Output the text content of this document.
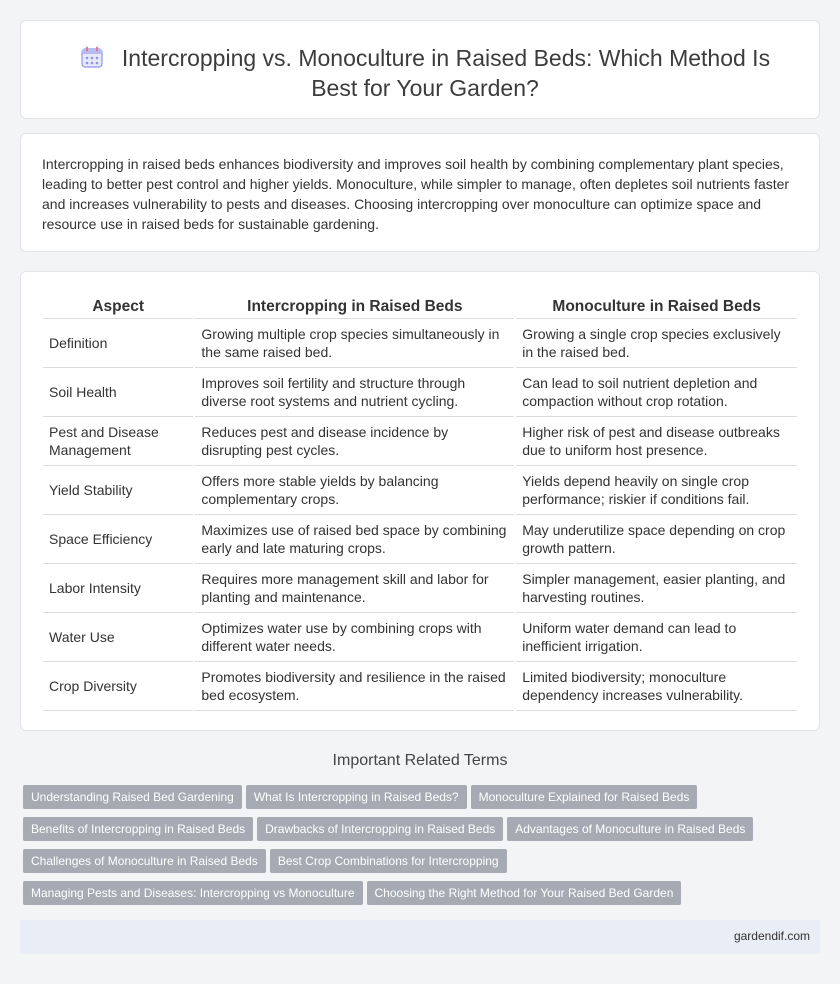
Intercropping vs. Monoculture in Raised Beds: Which Method Is Best for Your Garden?

Intercropping in raised beds enhances biodiversity and improves soil health by combining complementary plant species, leading to better pest control and higher yields. Monoculture, while simpler to manage, often depletes soil nutrients faster and increases vulnerability to pests and diseases. Choosing intercropping over monoculture can optimize space and resource use in raised beds for sustainable gardening.

Aspect	Intercropping in Raised Beds	Monoculture in Raised Beds
Definition	Growing multiple crop species simultaneously in the same raised bed.	Growing a single crop species exclusively in the raised bed.
Soil Health	Improves soil fertility and structure through diverse root systems and nutrient cycling.	Can lead to soil nutrient depletion and compaction without crop rotation.
Pest and Disease Management	Reduces pest and disease incidence by disrupting pest cycles.	Higher risk of pest and disease outbreaks due to uniform host presence.
Yield Stability	Offers more stable yields by balancing complementary crops.	Yields depend heavily on single crop performance; riskier if conditions fail.
Space Efficiency	Maximizes use of raised bed space by combining early and late maturing crops.	May underutilize space depending on crop growth pattern.
Labor Intensity	Requires more management skill and labor for planting and maintenance.	Simpler management, easier planting, and harvesting routines.
Water Use	Optimizes water use by combining crops with different water needs.	Uniform water demand can lead to inefficient irrigation.
Crop Diversity	Promotes biodiversity and resilience in the raised bed ecosystem.	Limited biodiversity; monoculture dependency increases vulnerability.
Important Related Terms
Understanding Raised Bed Gardening What Is Intercropping in Raised Beds? Monoculture Explained for Raised Beds
Benefits of Intercropping in Raised Beds Drawbacks of Intercropping in Raised Beds Advantages of Monoculture in Raised Beds
Challenges of Monoculture in Raised Beds Best Crop Combinations for Intercropping
Managing Pests and Diseases: Intercropping vs Monoculture Choosing the Right Method for Your Raised Bed Garden
gardendif.com
